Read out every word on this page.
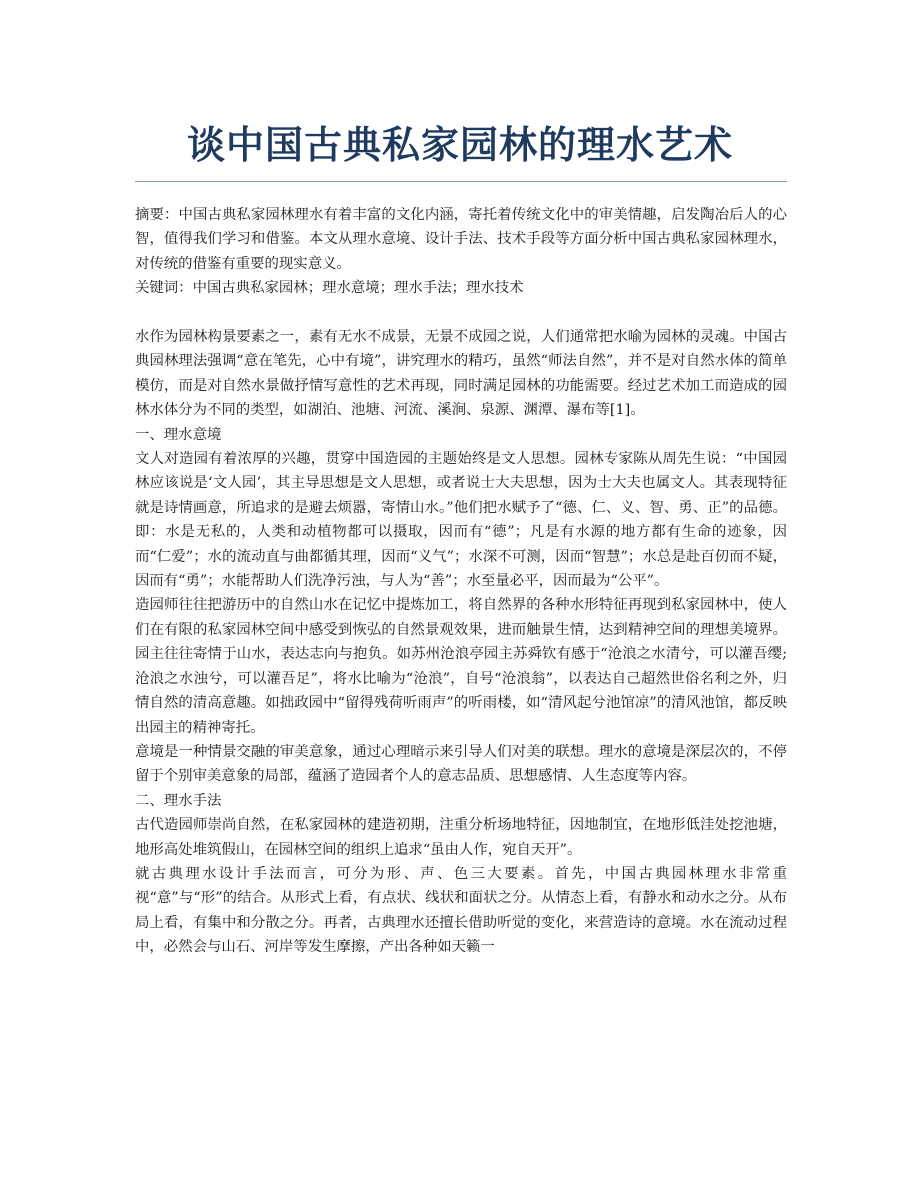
谈中国古典私家园林的理水艺术

摘要：中国古典私家园林理水有着丰富的文化内涵，寄托着传统文化中的审美情趣，启发陶冶后人的心智，值得我们学习和借鉴。本文从理水意境、设计手法、技术手段等方面分析中国古典私家园林理水，对传统的借鉴有重要的现实意义。

关键词：中国古典私家园林；理水意境；理水手法；理水技术

水作为园林构景要素之一，素有无水不成景，无景不成园之说，人们通常把水喻为园林的灵魂。中国古典园林理法强调“意在笔先，心中有境”，讲究理水的精巧，虽然“师法自然”，并不是对自然水体的简单模仿，而是对自然水景做抒情写意性的艺术再现，同时满足园林的功能需要。经过艺术加工而造成的园林水体分为不同的类型，如湖泊、池塘、河流、溪涧、泉源、渊潭、瀑布等[1]。

一、理水意境

文人对造园有着浓厚的兴趣，贯穿中国造园的主题始终是文人思想。园林专家陈从周先生说：“中国园林应该说是‘文人园’，其主导思想是文人思想，或者说士大夫思想，因为士大夫也属文人。其表现特征就是诗情画意，所追求的是避去烦嚣，寄情山水。”他们把水赋予了“德、仁、义、智、勇、正”的品德。即：水是无私的，人类和动植物都可以摄取，因而有“德”；凡是有水源的地方都有生命的迹象，因而“仁爱”；水的流动直与曲都循其理，因而“义气”；水深不可测，因而“智慧”；水总是赴百仞而不疑，因而有“勇”；水能帮助人们洗净污浊，与人为“善”；水至量必平，因而最为“公平”。

造园师往往把游历中的自然山水在记忆中提炼加工，将自然界的各种水形特征再现到私家园林中，使人们在有限的私家园林空间中感受到恢弘的自然景观效果，进而触景生情，达到精神空间的理想美境界。园主往往寄情于山水，表达志向与抱负。如苏州沧浪亭园主苏舜钦有感于“沧浪之水清兮，可以灌吾缨;沧浪之水浊兮，可以灌吾足”，将水比喻为“沧浪”，自号“沧浪翁”，以表达自己超然世俗名利之外，归情自然的清高意趣。如拙政园中“留得残荷听雨声”的听雨楼，如“清风起兮池馆凉”的清风池馆，都反映出园主的精神寄托。

意境是一种情景交融的审美意象，通过心理暗示来引导人们对美的联想。理水的意境是深层次的，不停留于个别审美意象的局部，蕴涵了造园者个人的意志品质、思想感情、人生态度等内容。

二、理水手法

古代造园师崇尚自然，在私家园林的建造初期，注重分析场地特征，因地制宜，在地形低洼处挖池塘，地形高处堆筑假山，在园林空间的组织上追求“虽由人作，宛自天开”。

就古典理水设计手法而言，可分为形、声、色三大要素。首先，中国古典园林理水非常重视“意”与“形”的结合。从形式上看，有点状、线状和面状之分。从情态上看，有静水和动水之分。从布局上看，有集中和分散之分。再者，古典理水还擅长借助听觉的变化，来营造诗的意境。水在流动过程中，必然会与山石、河岸等发生摩擦，产出各种如天籁一
